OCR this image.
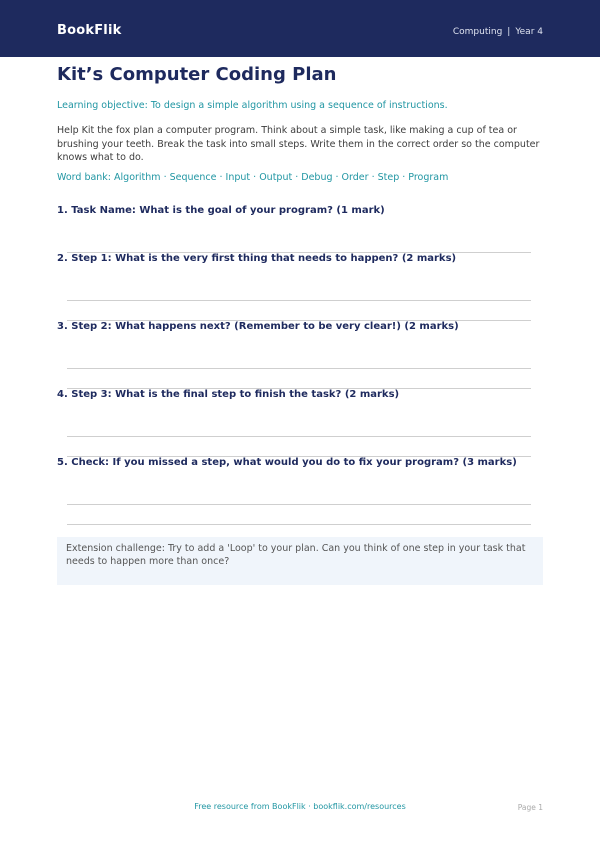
BookFlik	Computing | Year 4
Kit’s Computer Coding Plan
Learning objective: To design a simple algorithm using a sequence of instructions.
Help Kit the fox plan a computer program. Think about a simple task, like making a cup of tea or brushing your teeth. Break the task into small steps. Write them in the correct order so the computer knows what to do.
Word bank: Algorithm · Sequence · Input · Output · Debug · Order · Step · Program
1. Task Name: What is the goal of your program? (1 mark)
2. Step 1: What is the very first thing that needs to happen? (2 marks)
3. Step 2: What happens next? (Remember to be very clear!) (2 marks)
4. Step 3: What is the final step to finish the task? (2 marks)
5. Check: If you missed a step, what would you do to fix your program? (3 marks)
Extension challenge: Try to add a 'Loop' to your plan. Can you think of one step in your task that needs to happen more than once?
Free resource from BookFlik · bookflik.com/resources	Page 1
